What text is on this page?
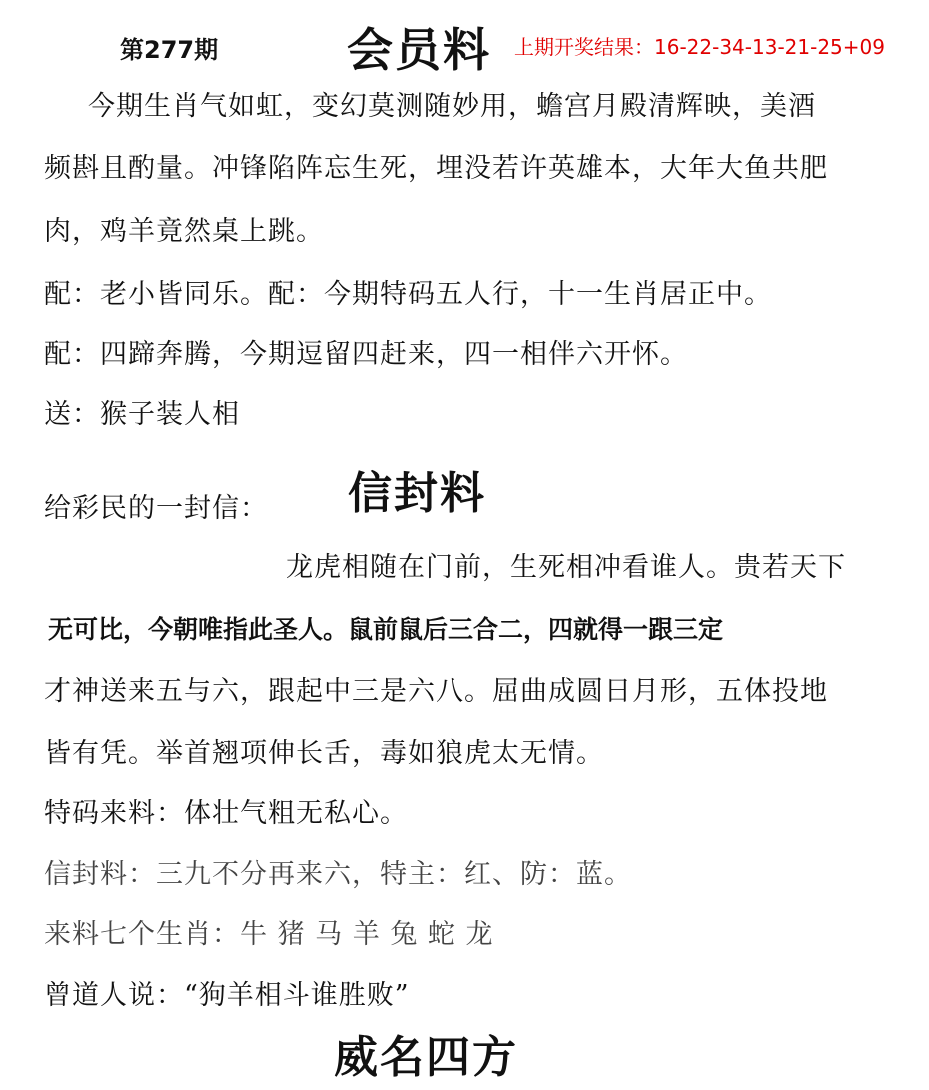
第277期	会员料 上期开奖结果：16-22-34-13-21-25+09
今期生肖气如虹，变幻莫测随妙用，蟾宫月殿清辉映，美酒
频斟且酌量。冲锋陷阵忘生死，埋没若许英雄本，大年大鱼共肥
肉，鸡羊竟然桌上跳。
配：老小皆同乐。配：今期特码五人行，十一生肖居正中。
配：四蹄奔腾，今期逗留四赶来，四一相伴六开怀。
送：猴子装人相
给彩民的一封信： 信封料
龙虎相随在门前，生死相冲看谁人。贵若天下
无可比，今朝唯指此圣人。鼠前鼠后三合二，四就得一跟三定
才神送来五与六，跟起中三是六八。屈曲成圆日月形，五体投地
皆有凭。举首翘项伸长舌，毒如狼虎太无情。
特码来料：体壮气粗无私心。
信封料：三九不分再来六，特主：红、防：蓝。
来料七个生肖：牛 猪 马 羊 兔 蛇 龙
曾道人说：“狗羊相斗谁胜败”
威名四方
